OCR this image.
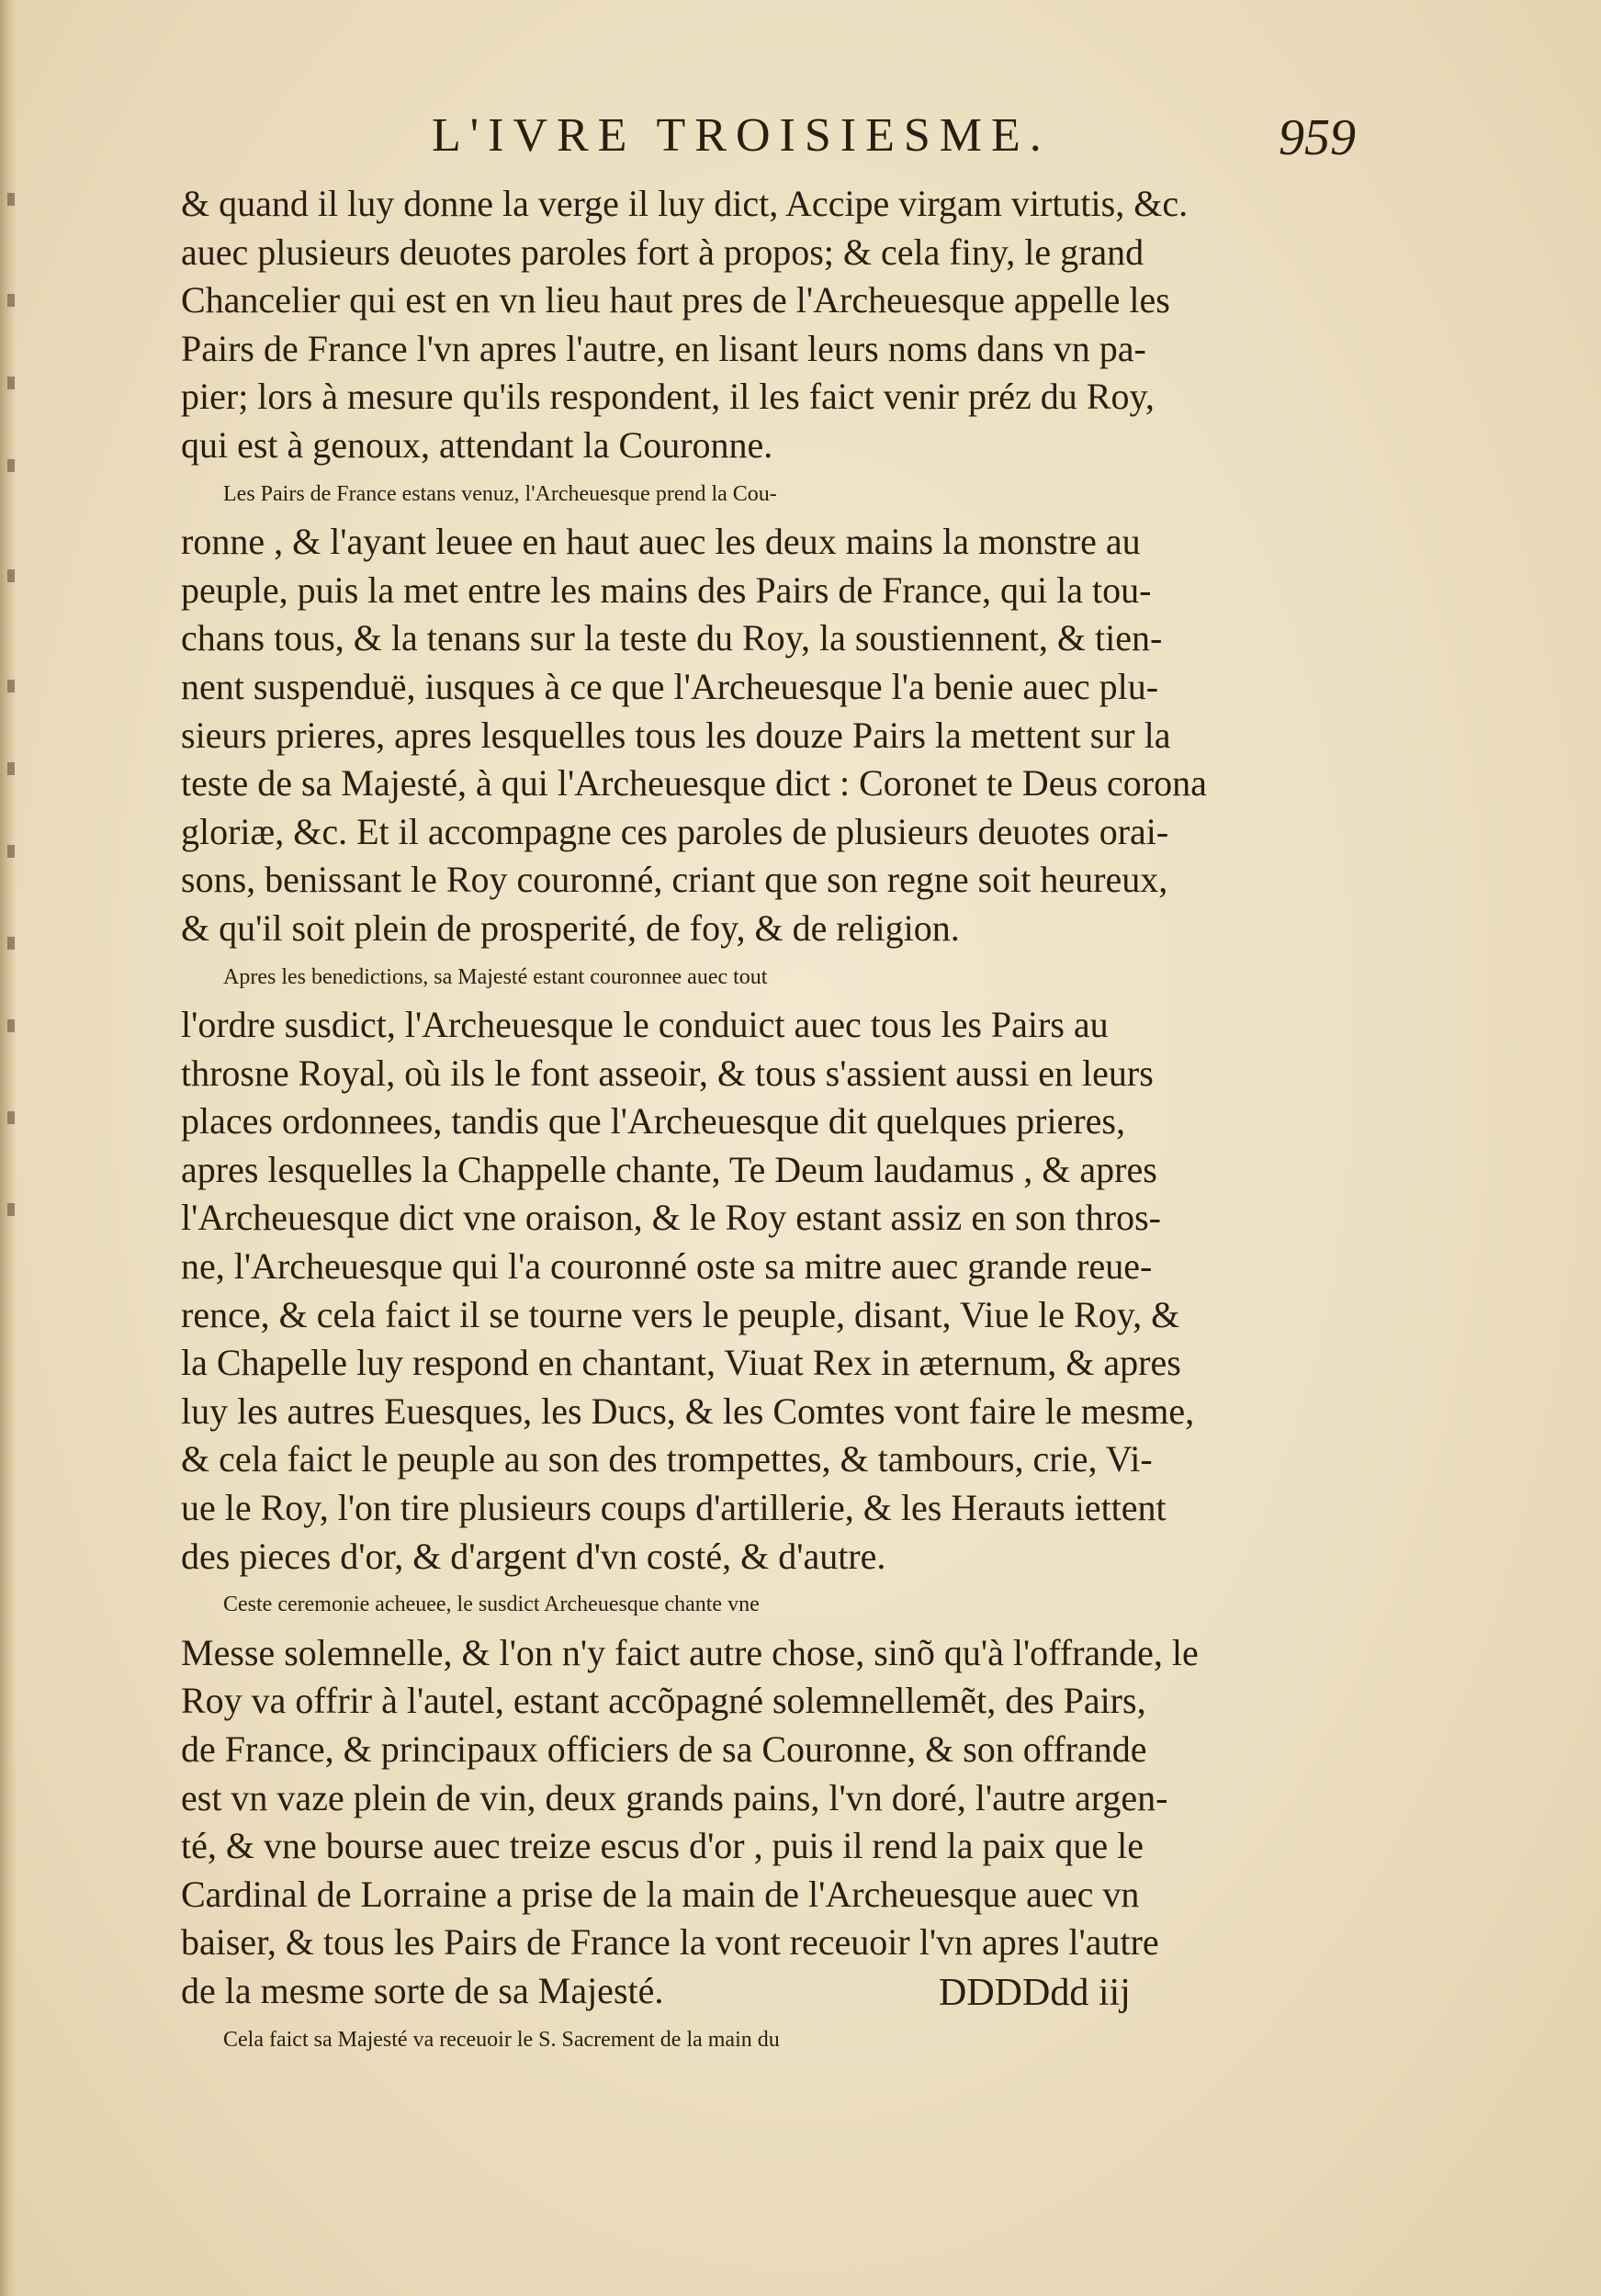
L'IVRE TROISIESME.	959
& quand il luy donne la verge il luy dict, Accipe virgam virtutis, &c.
auec plusieurs deuotes paroles fort à propos; & cela finy, le grand
Chancelier qui est en vn lieu haut pres de l'Archeuesque appelle les
Pairs de France l'vn apres l'autre, en lisant leurs noms dans vn pa-
pier; lors à mesure qu'ils respondent, il les faict venir préz du Roy,
qui est à genoux, attendant la Couronne.
Les Pairs de France estans venuz, l'Archeuesque prend la Cou-
ronne , & l'ayant leuee en haut auec les deux mains la monstre au
peuple, puis la met entre les mains des Pairs de France, qui la tou-
chans tous, & la tenans sur la teste du Roy, la soustiennent, & tien-
nent suspenduë, iusques à ce que l'Archeuesque l'a benie auec plu-
sieurs prieres, apres lesquelles tous les douze Pairs la mettent sur la
teste de sa Majesté, à qui l'Archeuesque dict : Coronet te Deus corona
gloriæ, &c. Et il accompagne ces paroles de plusieurs deuotes orai-
sons, benissant le Roy couronné, criant que son regne soit heureux,
& qu'il soit plein de prosperité, de foy, & de religion.
Apres les benedictions, sa Majesté estant couronnee auec tout
l'ordre susdict, l'Archeuesque le conduict auec tous les Pairs au
throsne Royal, où ils le font asseoir, & tous s'assient aussi en leurs
places ordonnees, tandis que l'Archeuesque dit quelques prieres,
apres lesquelles la Chappelle chante, Te Deum laudamus , & apres
l'Archeuesque dict vne oraison, & le Roy estant assiz en son thros-
ne, l'Archeuesque qui l'a couronné oste sa mitre auec grande reue-
rence, & cela faict il se tourne vers le peuple, disant, Viue le Roy, &
la Chapelle luy respond en chantant, Viuat Rex in æternum, & apres
luy les autres Euesques, les Ducs, & les Comtes vont faire le mesme,
& cela faict le peuple au son des trompettes, & tambours, crie, Vi-
ue le Roy, l'on tire plusieurs coups d'artillerie, & les Herauts iettent
des pieces d'or, & d'argent d'vn costé, & d'autre.
Ceste ceremonie acheuee, le susdict Archeuesque chante vne
Messe solemnelle, & l'on n'y faict autre chose, sinõ qu'à l'offrande, le
Roy va offrir à l'autel, estant accõpagné solemnellemẽt, des Pairs,
de France, & principaux officiers de sa Couronne, & son offrande
est vn vaze plein de vin, deux grands pains, l'vn doré, l'autre argen-
té, & vne bourse auec treize escus d'or , puis il rend la paix que le
Cardinal de Lorraine a prise de la main de l'Archeuesque auec vn
baiser, & tous les Pairs de France la vont receuoir l'vn apres l'autre
de la mesme sorte de sa Majesté.
Cela faict sa Majesté va receuoir le S. Sacrement de la main du
DDDDdd iij
